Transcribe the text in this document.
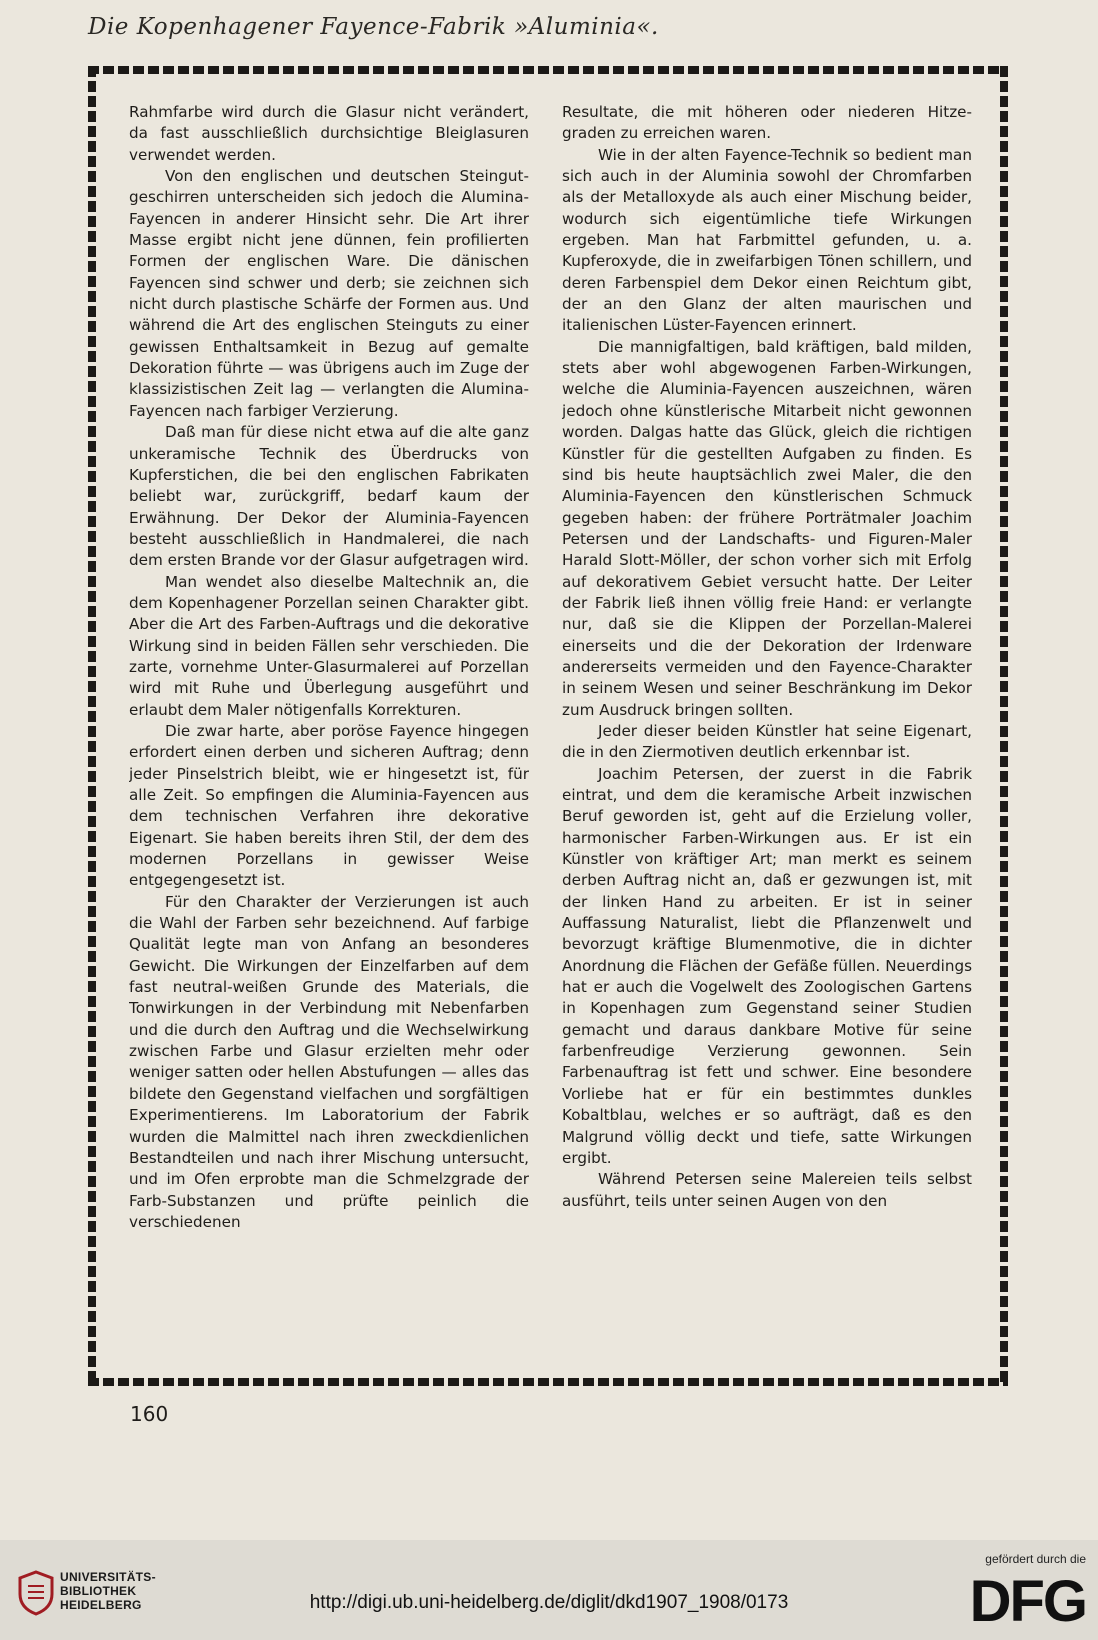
Die Kopenhagener Fayence-Fabrik »Aluminia«.

Rahmfarbe wird durch die Glasur nicht verändert, da fast ausschließlich durchsichtige Bleiglasuren verwendet werden.

Von den englischen und deutschen Steingutgeschirren unterscheiden sich jedoch die Alumina-Fayencen in anderer Hinsicht sehr. Die Art ihrer Masse ergibt nicht jene dünnen, fein profilierten Formen der englischen Ware. Die dänischen Fayencen sind schwer und derb; sie zeichnen sich nicht durch plastische Schärfe der Formen aus. Und während die Art des englischen Steinguts zu einer gewissen Enthaltsamkeit in Bezug auf gemalte Dekoration führte — was übrigens auch im Zuge der klassizistischen Zeit lag — verlangten die Alumina-Fayencen nach farbiger Verzierung.

Daß man für diese nicht etwa auf die alte ganz unkeramische Technik des Überdrucks von Kupferstichen, die bei den englischen Fabrikaten beliebt war, zurückgriff, bedarf kaum der Erwähnung. Der Dekor der Aluminia-Fayencen besteht ausschließlich in Handmalerei, die nach dem ersten Brande vor der Glasur aufgetragen wird.

Man wendet also dieselbe Maltechnik an, die dem Kopenhagener Porzellan seinen Charakter gibt. Aber die Art des Farben-Auftrags und die dekorative Wirkung sind in beiden Fällen sehr verschieden. Die zarte, vornehme Unter-Glasurmalerei auf Porzellan wird mit Ruhe und Überlegung ausgeführt und erlaubt dem Maler nötigenfalls Korrekturen.

Die zwar harte, aber poröse Fayence hingegen erfordert einen derben und sicheren Auftrag; denn jeder Pinselstrich bleibt, wie er hingesetzt ist, für alle Zeit. So empfingen die Aluminia-Fayencen aus dem technischen Verfahren ihre dekorative Eigenart. Sie haben bereits ihren Stil, der dem des modernen Porzellans in gewisser Weise entgegengesetzt ist.

Für den Charakter der Verzierungen ist auch die Wahl der Farben sehr bezeichnend. Auf farbige Qualität legte man von Anfang an besonderes Gewicht. Die Wirkungen der Einzelfarben auf dem fast neutral-weißen Grunde des Materials, die Tonwirkungen in der Verbindung mit Nebenfarben und die durch den Auftrag und die Wechselwirkung zwischen Farbe und Glasur erzielten mehr oder weniger satten oder hellen Abstufungen — alles das bildete den Gegenstand vielfachen und sorgfältigen Experimentierens. Im Laboratorium der Fabrik wurden die Malmittel nach ihren zweckdienlichen Bestandteilen und nach ihrer Mischung untersucht, und im Ofen erprobte man die Schmelzgrade der Farb-Substanzen und prüfte peinlich die verschiedenen

Resultate, die mit höheren oder niederen Hitzegraden zu erreichen waren.

Wie in der alten Fayence-Technik so bedient man sich auch in der Aluminia sowohl der Chromfarben als der Metalloxyde als auch einer Mischung beider, wodurch sich eigentümliche tiefe Wirkungen ergeben. Man hat Farbmittel gefunden, u. a. Kupferoxyde, die in zweifarbigen Tönen schillern, und deren Farbenspiel dem Dekor einen Reichtum gibt, der an den Glanz der alten maurischen und italienischen Lüster-Fayencen erinnert.

Die mannigfaltigen, bald kräftigen, bald milden, stets aber wohl abgewogenen Farben-Wirkungen, welche die Aluminia-Fayencen auszeichnen, wären jedoch ohne künstlerische Mitarbeit nicht gewonnen worden. Dalgas hatte das Glück, gleich die richtigen Künstler für die gestellten Aufgaben zu finden. Es sind bis heute hauptsächlich zwei Maler, die den Aluminia-Fayencen den künstlerischen Schmuck gegeben haben: der frühere Porträtmaler Joachim Petersen und der Landschafts- und Figuren-Maler Harald Slott-Möller, der schon vorher sich mit Erfolg auf dekorativem Gebiet versucht hatte. Der Leiter der Fabrik ließ ihnen völlig freie Hand: er verlangte nur, daß sie die Klippen der Porzellan-Malerei einerseits und die der Dekoration der Irdenware andererseits vermeiden und den Fayence-Charakter in seinem Wesen und seiner Beschränkung im Dekor zum Ausdruck bringen sollten.

Jeder dieser beiden Künstler hat seine Eigenart, die in den Ziermotiven deutlich erkennbar ist.

Joachim Petersen, der zuerst in die Fabrik eintrat, und dem die keramische Arbeit inzwischen Beruf geworden ist, geht auf die Erzielung voller, harmonischer Farben-Wirkungen aus. Er ist ein Künstler von kräftiger Art; man merkt es seinem derben Auftrag nicht an, daß er gezwungen ist, mit der linken Hand zu arbeiten. Er ist in seiner Auffassung Naturalist, liebt die Pflanzenwelt und bevorzugt kräftige Blumenmotive, die in dichter Anordnung die Flächen der Gefäße füllen. Neuerdings hat er auch die Vogelwelt des Zoologischen Gartens in Kopenhagen zum Gegenstand seiner Studien gemacht und daraus dankbare Motive für seine farbenfreudige Verzierung gewonnen. Sein Farbenauftrag ist fett und schwer. Eine besondere Vorliebe hat er für ein bestimmtes dunkles Kobaltblau, welches er so aufträgt, daß es den Malgrund völlig deckt und tiefe, satte Wirkungen ergibt.

Während Petersen seine Malereien teils selbst ausführt, teils unter seinen Augen von den

160
UNIVERSITÄTS-
BIBLIOTHEK
HEIDELBERG	http://digi.ub.uni-heidelberg.de/diglit/dkd1907_1908/0173
gefördert durch die
DFG
